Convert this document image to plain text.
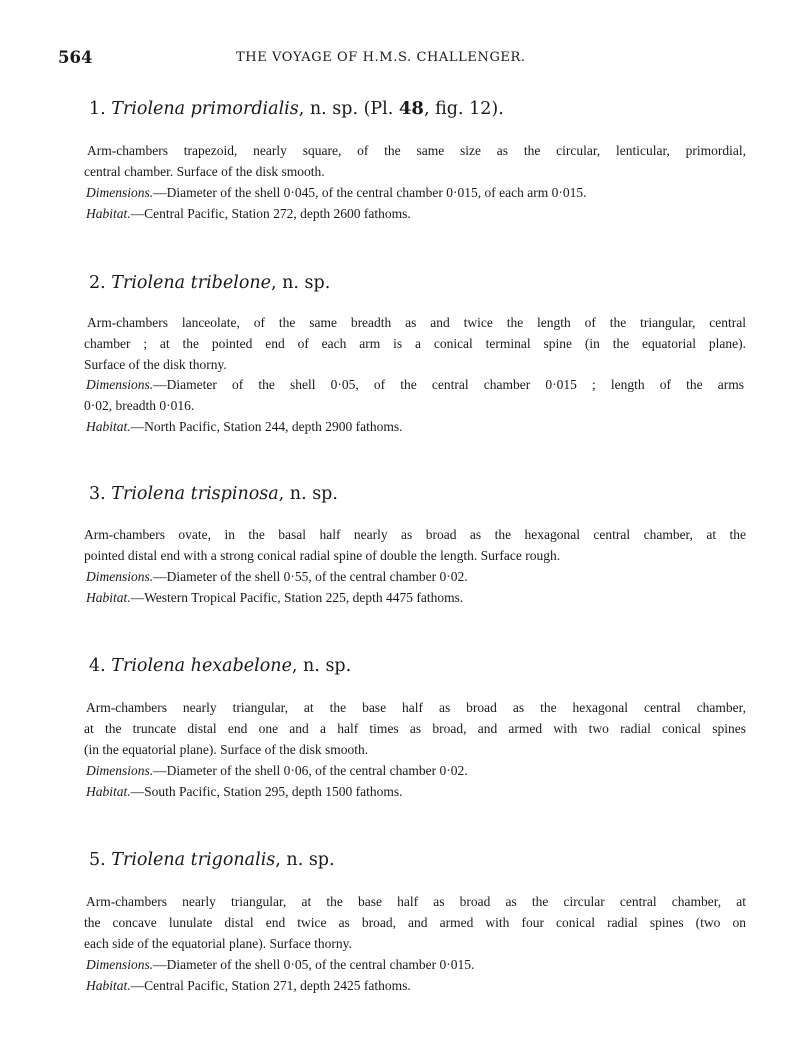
564	THE VOYAGE OF H.M.S. CHALLENGER.
1. Triolena primordialis, n. sp. (Pl. 48, fig. 12).
Arm-chambers trapezoid, nearly square, of the same size as the circular, lenticular, primordial,
central chamber. Surface of the disk smooth.
Dimensions.—Diameter of the shell 0·045, of the central chamber 0·015, of each arm 0·015.
Habitat.—Central Pacific, Station 272, depth 2600 fathoms.
2. Triolena tribelone, n. sp.
Arm-chambers lanceolate, of the same breadth as and twice the length of the triangular, central
chamber ; at the pointed end of each arm is a conical terminal spine (in the equatorial plane).
Surface of the disk thorny.
Dimensions.—Diameter of the shell 0·05, of the central chamber 0·015 ; length of the arms
0·02, breadth 0·016.
Habitat.—North Pacific, Station 244, depth 2900 fathoms.
3. Triolena trispinosa, n. sp.
Arm-chambers ovate, in the basal half nearly as broad as the hexagonal central chamber, at the
pointed distal end with a strong conical radial spine of double the length. Surface rough.
Dimensions.—Diameter of the shell 0·55, of the central chamber 0·02.
Habitat.—Western Tropical Pacific, Station 225, depth 4475 fathoms.
4. Triolena hexabelone, n. sp.
Arm-chambers nearly triangular, at the base half as broad as the hexagonal central chamber,
at the truncate distal end one and a half times as broad, and armed with two radial conical spines
(in the equatorial plane). Surface of the disk smooth.
Dimensions.—Diameter of the shell 0·06, of the central chamber 0·02.
Habitat.—South Pacific, Station 295, depth 1500 fathoms.
5. Triolena trigonalis, n. sp.
Arm-chambers nearly triangular, at the base half as broad as the circular central chamber, at
the concave lunulate distal end twice as broad, and armed with four conical radial spines (two on
each side of the equatorial plane). Surface thorny.
Dimensions.—Diameter of the shell 0·05, of the central chamber 0·015.
Habitat.—Central Pacific, Station 271, depth 2425 fathoms.
